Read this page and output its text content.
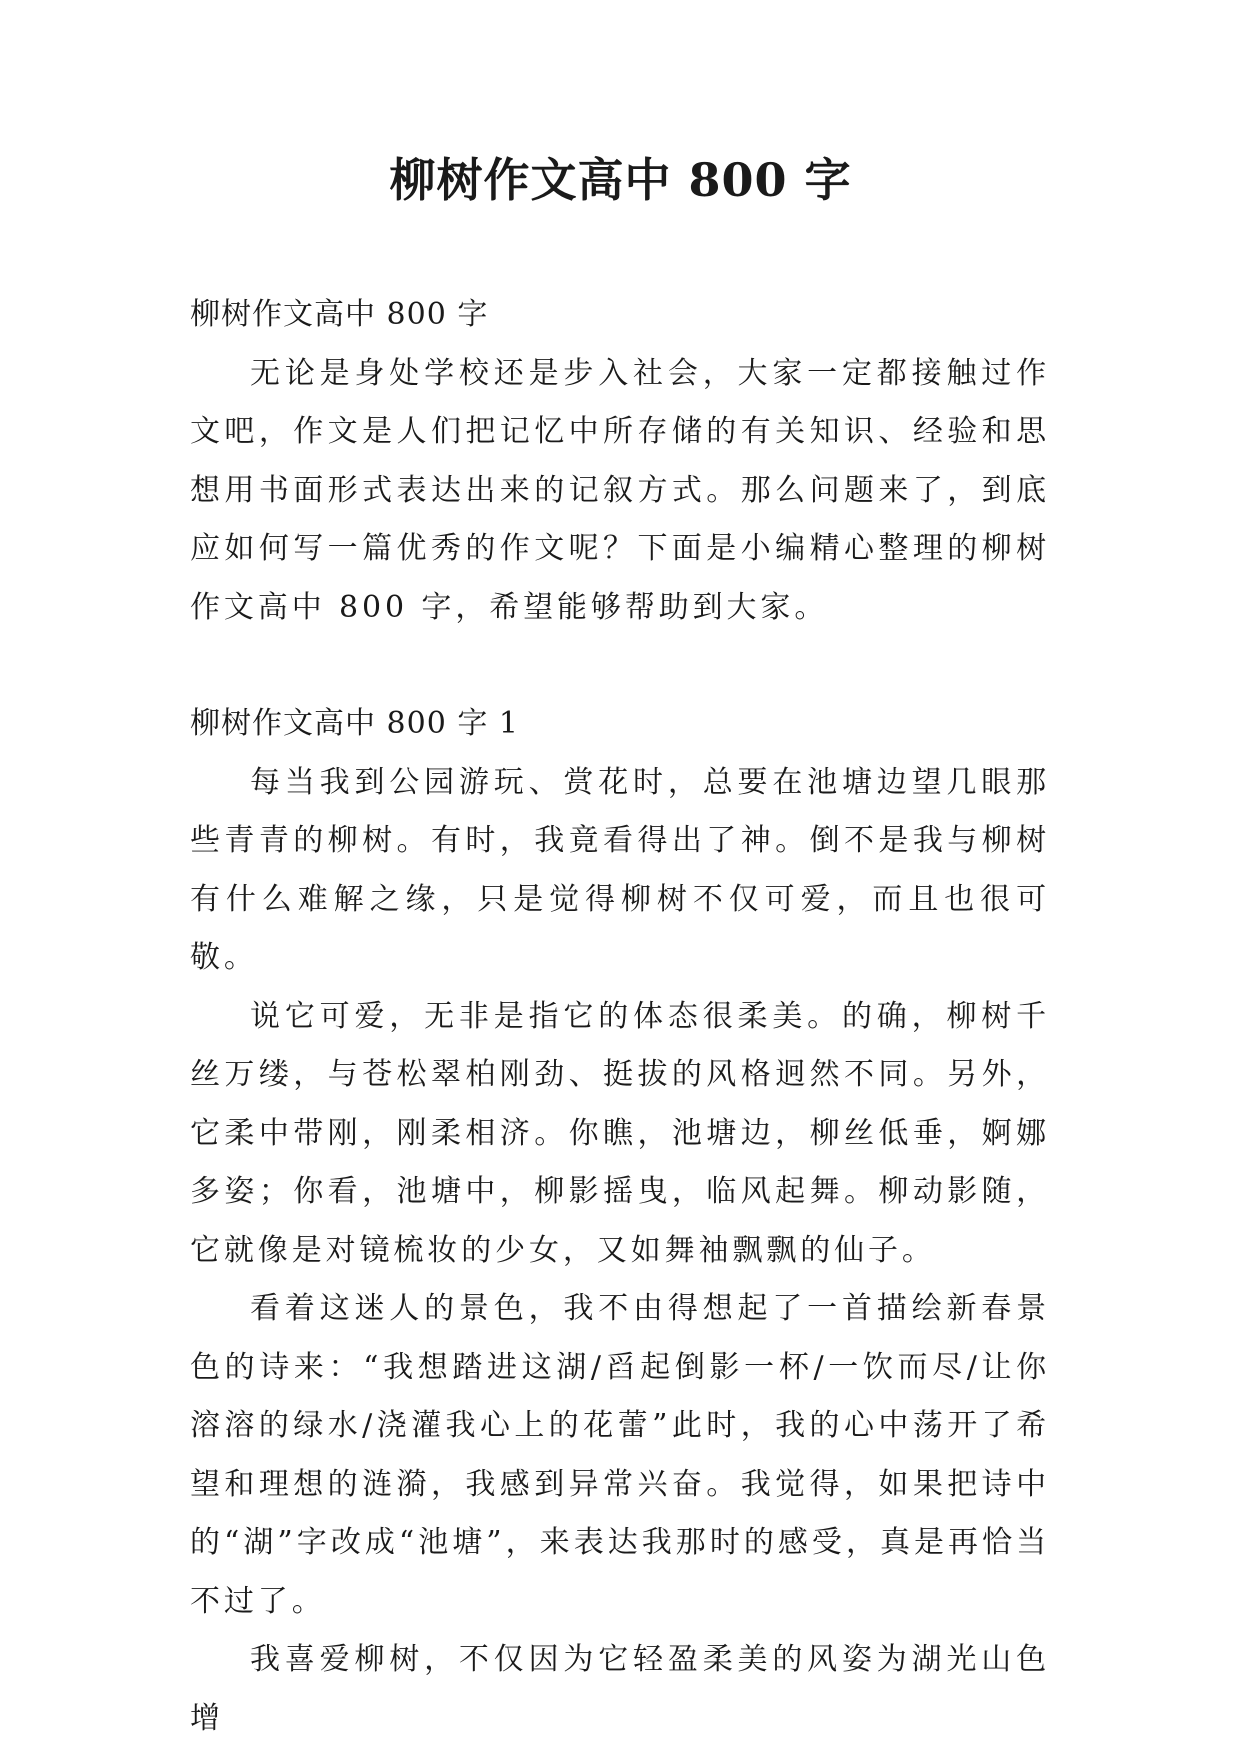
柳树作文高中 800 字
柳树作文高中 800 字

无论是身处学校还是步入社会，大家一定都接触过作文吧，作文是人们把记忆中所存储的有关知识、经验和思想用书面形式表达出来的记叙方式。那么问题来了，到底应如何写一篇优秀的作文呢？下面是小编精心整理的柳树作文高中 800 字，希望能够帮助到大家。

柳树作文高中 800 字 1

每当我到公园游玩、赏花时，总要在池塘边望几眼那些青青的柳树。有时，我竟看得出了神。倒不是我与柳树有什么难解之缘，只是觉得柳树不仅可爱，而且也很可敬。

说它可爱，无非是指它的体态很柔美。的确，柳树千丝万缕，与苍松翠柏刚劲、挺拔的风格迥然不同。另外，它柔中带刚，刚柔相济。你瞧，池塘边，柳丝低垂，婀娜多姿；你看，池塘中，柳影摇曳，临风起舞。柳动影随，它就像是对镜梳妆的少女，又如舞袖飘飘的仙子。

看着这迷人的景色，我不由得想起了一首描绘新春景色的诗来：“我想踏进这湖/舀起倒影一杯/一饮而尽/让你溶溶的绿水/浇灌我心上的花蕾”此时，我的心中荡开了希望和理想的涟漪，我感到异常兴奋。我觉得，如果把诗中的“湖”字改成“池塘”，来表达我那时的感受，真是再恰当不过了。

我喜爱柳树，不仅因为它轻盈柔美的风姿为湖光山色增
